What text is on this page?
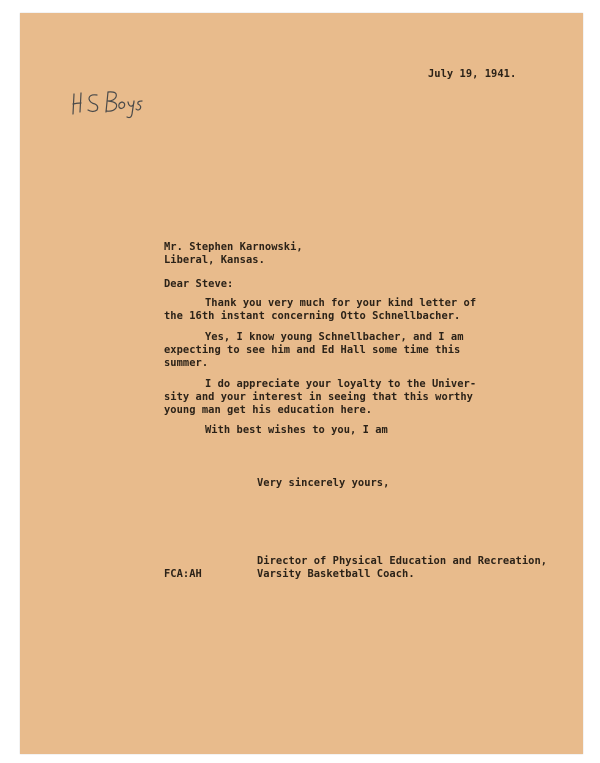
H S Boys
July 19, 1941.
Mr. Stephen Karnowski,
Liberal, Kansas.
Dear Steve:
Thank you very much for your kind letter of
the 16th instant concerning Otto Schnellbacher.
Yes, I know young Schnellbacher, and I am
expecting to see him and Ed Hall some time this
summer.
I do appreciate your loyalty to the Univer-
sity and your interest in seeing that this worthy
young man get his education here.
With best wishes to you, I am
Very sincerely yours,
Director of Physical Education and Recreation,
Varsity Basketball Coach.
FCA:AH
